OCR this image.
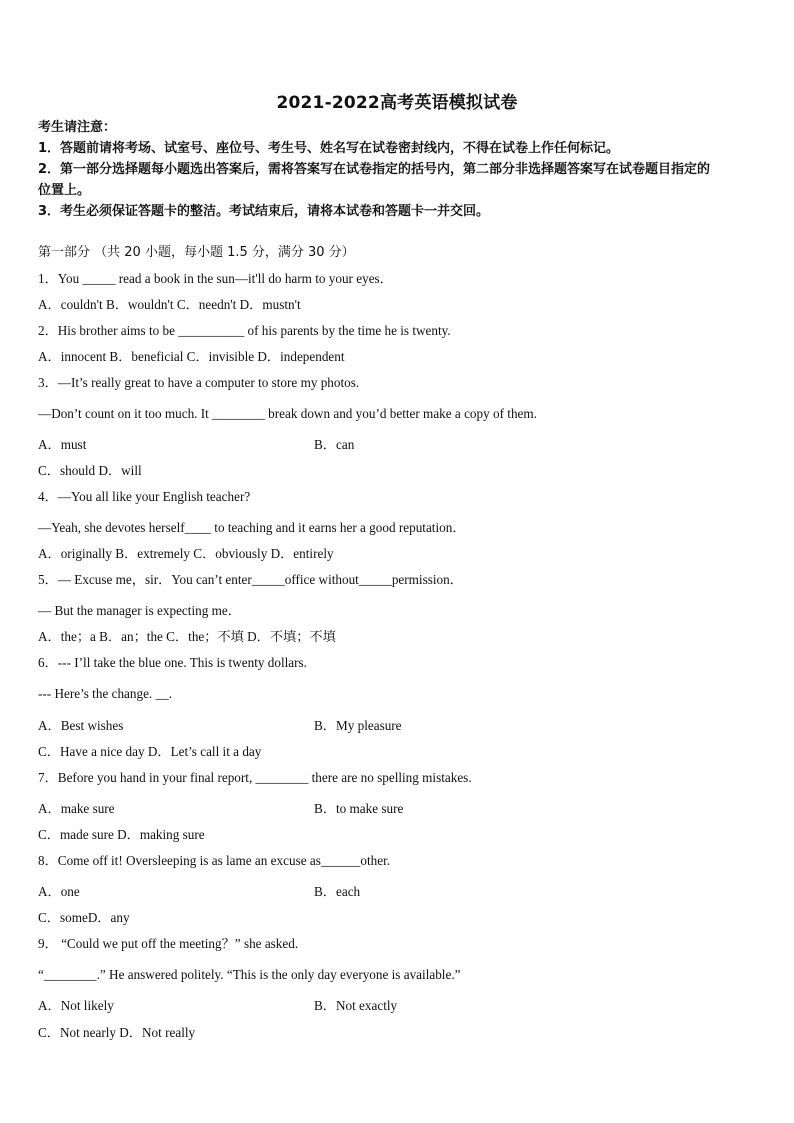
2021-2022高考英语模拟试卷
考生请注意：
1．答题前请将考场、试室号、座位号、考生号、姓名写在试卷密封线内，不得在试卷上作任何标记。
2．第一部分选择题每小题选出答案后，需将答案写在试卷指定的括号内，第二部分非选择题答案写在试卷题目指定的
位置上。
3．考生必须保证答题卡的整洁。考试结束后，请将本试卷和答题卡一并交回。
第一部分 （共 20 小题，每小题 1.5 分，满分 30 分）
1．You _____ read a book in the sun—it'll do harm to your eyes．
A．couldn't B．wouldn't C．needn't D．mustn't
2．His brother aims to be __________ of his parents by the time he is twenty.
A．innocent B．beneficial C．invisible D．independent
3．—It’s really great to have a computer to store my photos.
—Don’t count on it too much. It ________ break down and you’d better make a copy of them.
A．must	B．can
C．should D．will
4．—You all like your English teacher?
—Yeah, she devotes herself____ to teaching and it earns her a good reputation．
A．originally B．extremely C．obviously D．entirely
5．— Excuse me，sir．You can’t enter_____office without_____permission．
— But the manager is expecting me．
A．the；a B．an；the C．the；不填 D．不填；不填
6．--- I’ll take the blue one. This is twenty dollars.
--- Here’s the change. __.
A．Best wishes	B．My pleasure
C．Have a nice day D．Let’s call it a day
7．Before you hand in your final report, ________ there are no spelling mistakes.
A．make sure	B．to make sure
C．made sure D．making sure
8．Come off it! Oversleeping is as lame an excuse as______other.
A．one	B．each
C．someD．any
9． “Could we put off the meeting？” she asked.
“________.” He answered politely. “This is the only day everyone is available.”
A．Not likely	B．Not exactly
C．Not nearly D．Not really
